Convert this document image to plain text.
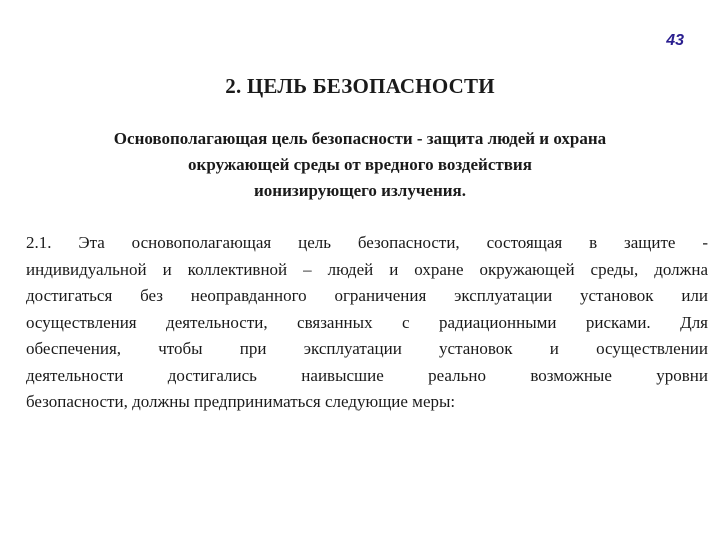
43
2. ЦЕЛЬ БЕЗОПАСНОСТИ

Основополагающая цель безопасности - защита людей и охрана
окружающей среды от вредного воздействия
ионизирующего излучения.

2.1. Эта основополагающая цель безопасности, состоящая в защите -
индивидуальной и коллективной – людей и охране окружающей среды, должна
достигаться без неоправданного ограничения эксплуатации установок или
осуществления деятельности, связанных с радиационными рисками. Для
обеспечения, чтобы при эксплуатации установок и осуществлении
деятельности достигались наивысшие реально возможные уровни
безопасности, должны предприниматься следующие меры:
